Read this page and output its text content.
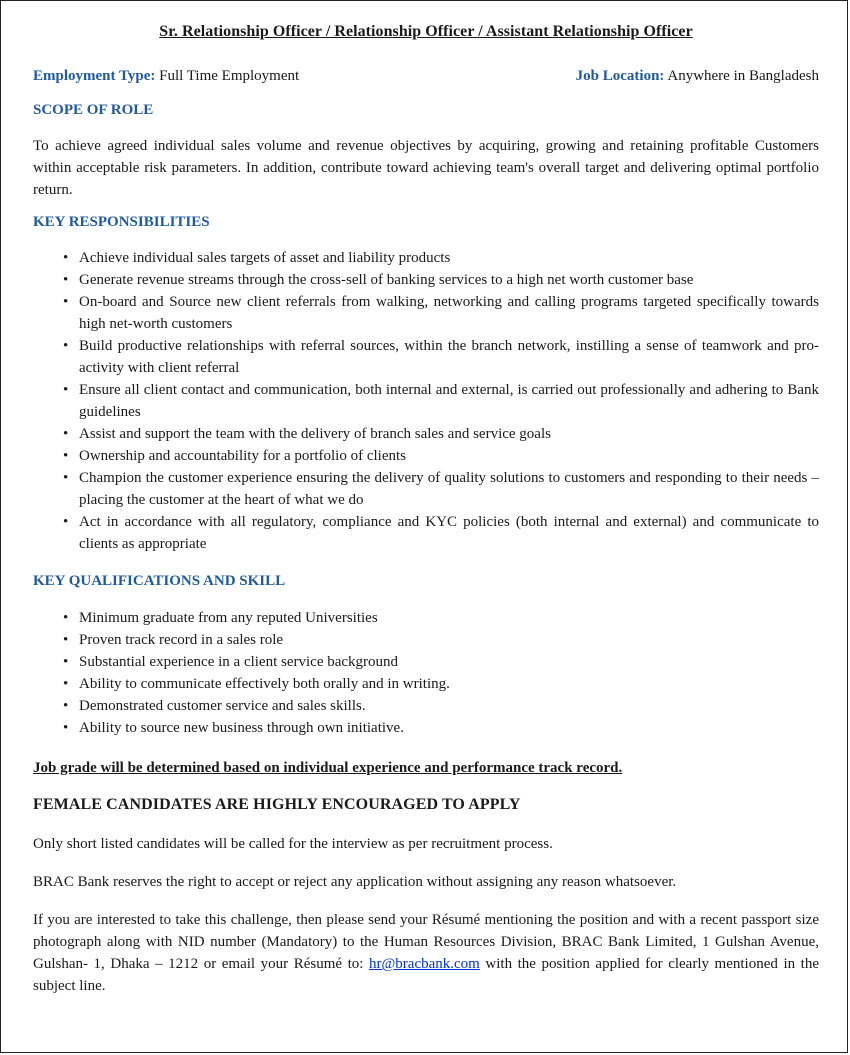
Sr. Relationship Officer / Relationship Officer / Assistant Relationship Officer
Employment Type: Full Time Employment	Job Location: Anywhere in Bangladesh
SCOPE OF ROLE
To achieve agreed individual sales volume and revenue objectives by acquiring, growing and retaining profitable Customers within acceptable risk parameters. In addition, contribute toward achieving team's overall target and delivering optimal portfolio return.
KEY RESPONSIBILITIES
• Achieve individual sales targets of asset and liability products
• Generate revenue streams through the cross-sell of banking services to a high net worth customer base
• On-board and Source new client referrals from walking, networking and calling programs targeted specifically towards high net-worth customers
• Build productive relationships with referral sources, within the branch network, instilling a sense of teamwork and pro-activity with client referral
• Ensure all client contact and communication, both internal and external, is carried out professionally and adhering to Bank guidelines
• Assist and support the team with the delivery of branch sales and service goals
• Ownership and accountability for a portfolio of clients
• Champion the customer experience ensuring the delivery of quality solutions to customers and responding to their needs – placing the customer at the heart of what we do
• Act in accordance with all regulatory, compliance and KYC policies (both internal and external) and communicate to clients as appropriate
KEY QUALIFICATIONS AND SKILL
• Minimum graduate from any reputed Universities
• Proven track record in a sales role
• Substantial experience in a client service background
• Ability to communicate effectively both orally and in writing.
• Demonstrated customer service and sales skills.
• Ability to source new business through own initiative.
Job grade will be determined based on individual experience and performance track record.
FEMALE CANDIDATES ARE HIGHLY ENCOURAGED TO APPLY
Only short listed candidates will be called for the interview as per recruitment process.
BRAC Bank reserves the right to accept or reject any application without assigning any reason whatsoever.
If you are interested to take this challenge, then please send your Résumé mentioning the position and with a recent passport size photograph along with NID number (Mandatory) to the Human Resources Division, BRAC Bank Limited, 1 Gulshan Avenue, Gulshan- 1, Dhaka – 1212 or email your Résumé to: hr@bracbank.com with the position applied for clearly mentioned in the subject line.
